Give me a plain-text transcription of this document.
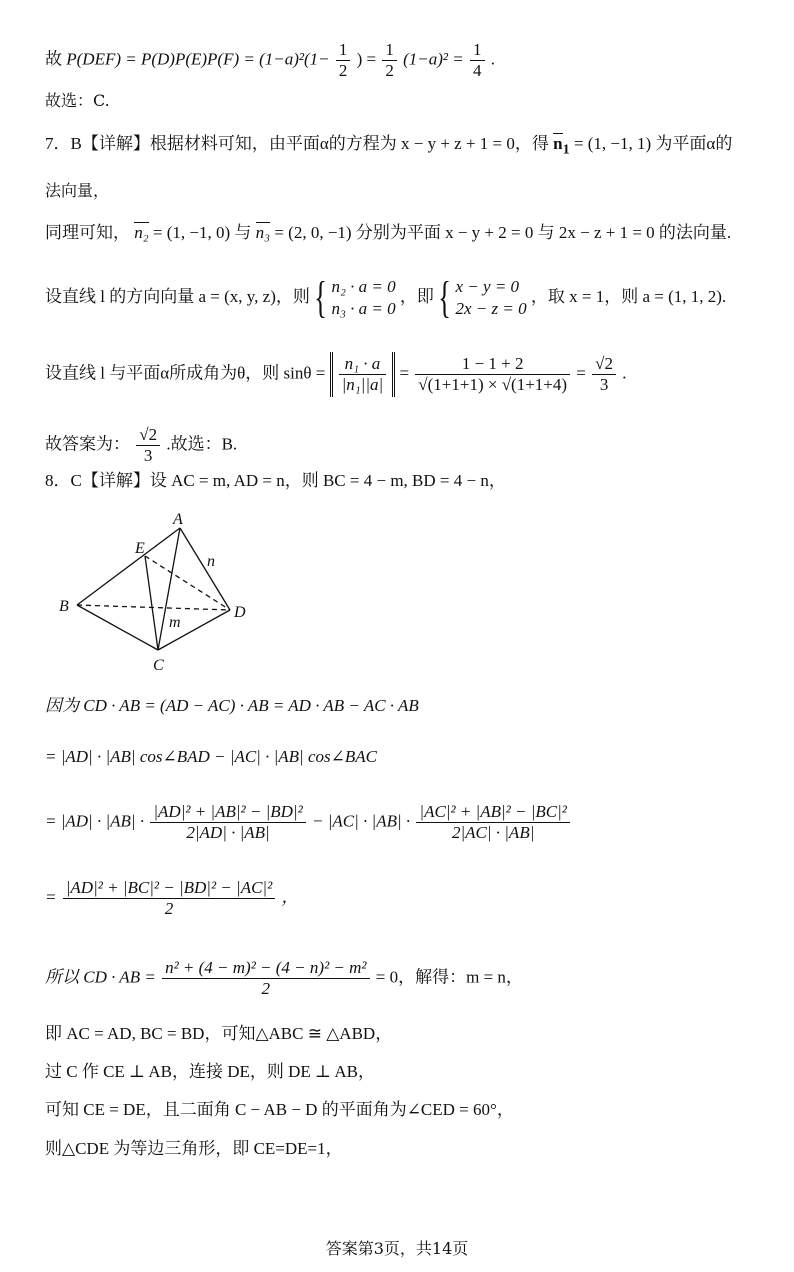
故 $P(DEF) = P(D)P(E)P(F) = (1-a)^2(1- \frac{1}{2}$ ) = $\frac{1}{2} (1-a)^2 = \frac{1}{4}$ .
故选：C.
7．B【详解】根据材料可知，由平面α的方程为 x − y + z + 1 = 0，得 $n_1 = (1$, −1, 1) 为平面α的
法向量，
同理可知， n₂ = (1, −1, 0) 与 n₃ = (2, 0, −1) 分别为平面 x − y + 2 = 0 与 2x − z + 1 = 0 的法向量.
设直线 l 的方向向量 a = (x, y, z)，则 { n₂ · a = 0
n₃ · a = 0 ，即 { x − y = 0
2x − z = 0 ，取 x = 1，则 a = (1, 1, 2).
设直线 l 与平面α所成角为θ，则 $\sin\theta = \frac{\text{n₁ · a}}{\text{|n₁||a|}} = \frac{1 - 1 + 2}{√(1+1+1) \times √(1+1+4)} = \frac{√2}{3}$ .
故答案为： $\frac{√2}{3}$ .故选：B.
8．C【详解】设 AC = m, AD = n，则 BC = 4 − m, BD = 4 − n，
A
B
C
D
E
n
m
因为 CD · AB = (AD − AC) · AB = AD · AB − AC · AB
= |AD| · |AB| cos∠BAD − |AC| · |AB| cos∠BAC
= $|AD| \cdot |AB| \cdot \frac{\text{|AD|² + |AB|² − |BD|²}}{2|AD| \cdot |AB|} - |AC| \cdot |AB| \cdot \frac{\text{|AC|² + |AB|² − |BC|²}}{2|AC| \cdot |AB|}$
= $\frac{\text{|AD|² + |BC|² − |BD|² − |AC|²}}{2}$ ，
所以 CD · AB = $\frac{\text{n² + (4 − m)² − (4 − n)² − m²}}{2} = 0$，解得：m = n，
即 AC = AD, BC = BD，可知△ABC ≅ △ABD，
过 C 作 CE ⊥ AB，连接 DE，则 DE ⊥ AB，
可知 CE = DE，且二面角 C − AB − D 的平面角为∠CED = 60°，
则△CDE 为等边三角形，即 CE=DE=1，
答案第3页，共14页
